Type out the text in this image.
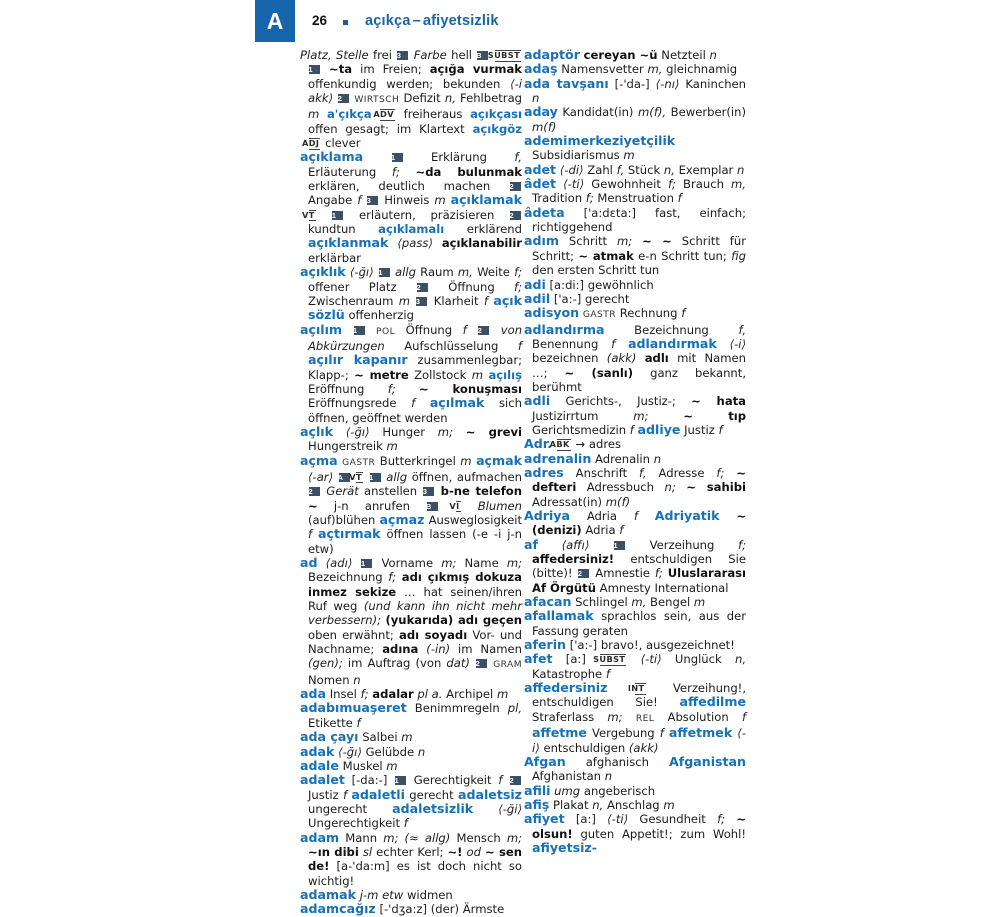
A	26	açıkça – afiyetsizlik

Platz, Stelle frei 3 Farbe hell B SUBST 1 ~ta im Freien; açığa vurmak offenkundig werden; bekunden ⟨-i akk⟩ 2 WIRTSCH Defizit n, Fehlbetrag m a'çıkça ADV freiheraus açıkçası offen gesagt; im Klartext açıkgöz ADJ clever

açıklama	1	Erklärung f, Erläuterung f; ~da bulunmak erklären, deutlich machen	2 Angabe f 3 Hinweis m açıklamak VT 1 erläutern, präzisieren 2 kundtun açıklamalı erklärend açıklanmak ⟨pass⟩ açıklanabilir erklärbar

açıklık ⟨-ğı⟩ 1 allg Raum m, Weite f; offener Platz	2 Öffnung f; Zwischenraum m 3 Klarheit f açık sözlü offenherzig

açılım 1 POL Öffnung f 2 von Abkürzungen Aufschlüsselung f açılır kapanır zusammenlegbar; Klapp-; ~ metre Zollstock m açılış Eröffnung f; ~ konuşması Eröffnungsrede f açılmak sich öffnen, geöffnet werden

açlık ⟨-ğı⟩ Hunger m; ~ grevi Hungerstreik m

açma GASTR Butterkringel m açmak ⟨-ar⟩ A VT 1 allg öffnen, aufmachen 2 Gerät anstellen 3 b-ne telefon ~ j-n anrufen B VI Blumen (auf)blühen açmaz Ausweglosigkeit f açtırmak öffnen lassen (-e -i j-n etw)

ad ⟨adı⟩ 1 Vorname m; Name m; Bezeichnung f; adı çıkmış dokuza inmez sekize … hat seinen/ihren Ruf weg (und kann ihn nicht mehr verbessern); (yukarıda) adı geçen oben erwähnt; adı soyadı Vor- und Nachname; adına (-in) im Namen (gen); im Auftrag (von dat) 2 GRAM Nomen n

ada Insel f; adalar pl a. Archipel m

adabımuaşeret Benimmregeln pl, Etikette f

ada çayı Salbei m

adak ⟨-ğı⟩ Gelübde n

adale Muskel m

adalet [-da:-] 1 Gerechtigkeit f 2 Justiz f adaletli gerecht adaletsiz ungerecht adaletsizlik ⟨-ği⟩ Ungerechtigkeit f

adam Mann m; (≈ allg) Mensch m; ~ın dibi sl echter Kerl; ~! od ~ sen de! [a-'da:m] es ist doch nicht so wichtig!

adamak j-m etw widmen

adamcağız [-'dʒa:z] (der) Ärmste

adaptör cereyan ~ü Netzteil n

adaş Namensvetter m, gleichnamig

ada tavşanı [-'da-] ⟨-nı⟩ Kaninchen n

aday Kandidat(in) m(f), Bewerber(in) m(f)

ademimerkeziyetçilik Subsidiarismus m

adet ⟨-di⟩ Zahl f, Stück n, Exemplar n

âdet ⟨-ti⟩ Gewohnheit f; Brauch m, Tradition f; Menstruation f

âdeta ['a:dɛta:] fast, einfach; richtiggehend

adım Schritt m; ~ ~ Schritt für Schritt; ~ atmak e-n Schritt tun; fig den ersten Schritt tun

adi [a:di:] gewöhnlich

adil ['a:-] gerecht

adisyon GASTR Rechnung f

adlandırma	Bezeichnung	f, Benennung f adlandırmak ⟨-i⟩ bezeichnen (akk) adlı mit Namen …; ~ (sanlı) ganz bekannt, berühmt

adli Gerichts-, Justiz-; ~ hata Justizirrtum	m;	~ tıp Gerichtsmedizin f adliye Justiz f

Adr. ABK → adres

adrenalin Adrenalin n

adres Anschrift f, Adresse f; ~ defteri Adressbuch n; ~ sahibi Adressat(in) m(f)

Adriya Adria f Adriyatik ~ (denizi) Adria f

af ⟨affı⟩	1	Verzeihung f; affedersiniz! entschuldigen Sie (bitte)! 2 Amnestie f; Uluslararası Af Örgütü Amnesty International

afacan Schlingel m, Bengel m

afallamak sprachlos sein, aus der Fassung geraten

aferin ['a:-] bravo!, ausgezeichnet!

afet [a:] SUBST ⟨-ti⟩ Unglück n, Katastrophe f

affedersiniz INT Verzeihung!, entschuldigen Sie! affedilme Straferlass m; REL Absolution f affetme Vergebung f affetmek ⟨-i⟩ entschuldigen (akk)

Afgan afghanisch Afganistan Afghanistan n

afili umg angeberisch

afiş Plakat n, Anschlag m

afiyet [a:] ⟨-ti⟩ Gesundheit f; ~ olsun! guten Appetit!; zum Wohl! afiyetsiz-
